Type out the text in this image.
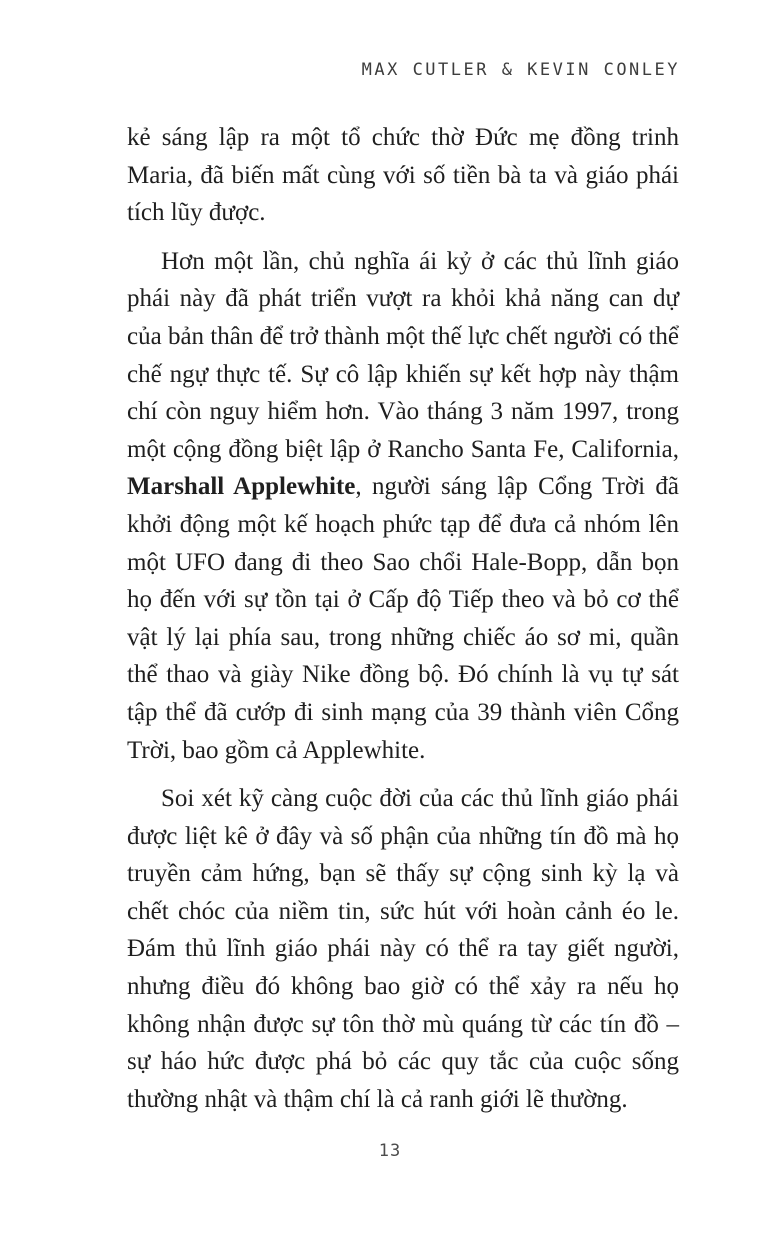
MAX CUTLER & KEVIN CONLEY

kẻ sáng lập ra một tổ chức thờ Đức mẹ đồng trinh Maria, đã biến mất cùng với số tiền bà ta và giáo phái tích lũy được.

Hơn một lần, chủ nghĩa ái kỷ ở các thủ lĩnh giáo phái này đã phát triển vượt ra khỏi khả năng can dự của bản thân để trở thành một thế lực chết người có thể chế ngự thực tế. Sự cô lập khiến sự kết hợp này thậm chí còn nguy hiểm hơn. Vào tháng 3 năm 1997, trong một cộng đồng biệt lập ở Rancho Santa Fe, California, Marshall Applewhite, người sáng lập Cổng Trời đã khởi động một kế hoạch phức tạp để đưa cả nhóm lên một UFO đang đi theo Sao chổi Hale-Bopp, dẫn bọn họ đến với sự tồn tại ở Cấp độ Tiếp theo và bỏ cơ thể vật lý lại phía sau, trong những chiếc áo sơ mi, quần thể thao và giày Nike đồng bộ. Đó chính là vụ tự sát tập thể đã cướp đi sinh mạng của 39 thành viên Cổng Trời, bao gồm cả Applewhite.

Soi xét kỹ càng cuộc đời của các thủ lĩnh giáo phái được liệt kê ở đây và số phận của những tín đồ mà họ truyền cảm hứng, bạn sẽ thấy sự cộng sinh kỳ lạ và chết chóc của niềm tin, sức hút với hoàn cảnh éo le. Đám thủ lĩnh giáo phái này có thể ra tay giết người, nhưng điều đó không bao giờ có thể xảy ra nếu họ không nhận được sự tôn thờ mù quáng từ các tín đồ – sự háo hức được phá bỏ các quy tắc của cuộc sống thường nhật và thậm chí là cả ranh giới lẽ thường.

13
